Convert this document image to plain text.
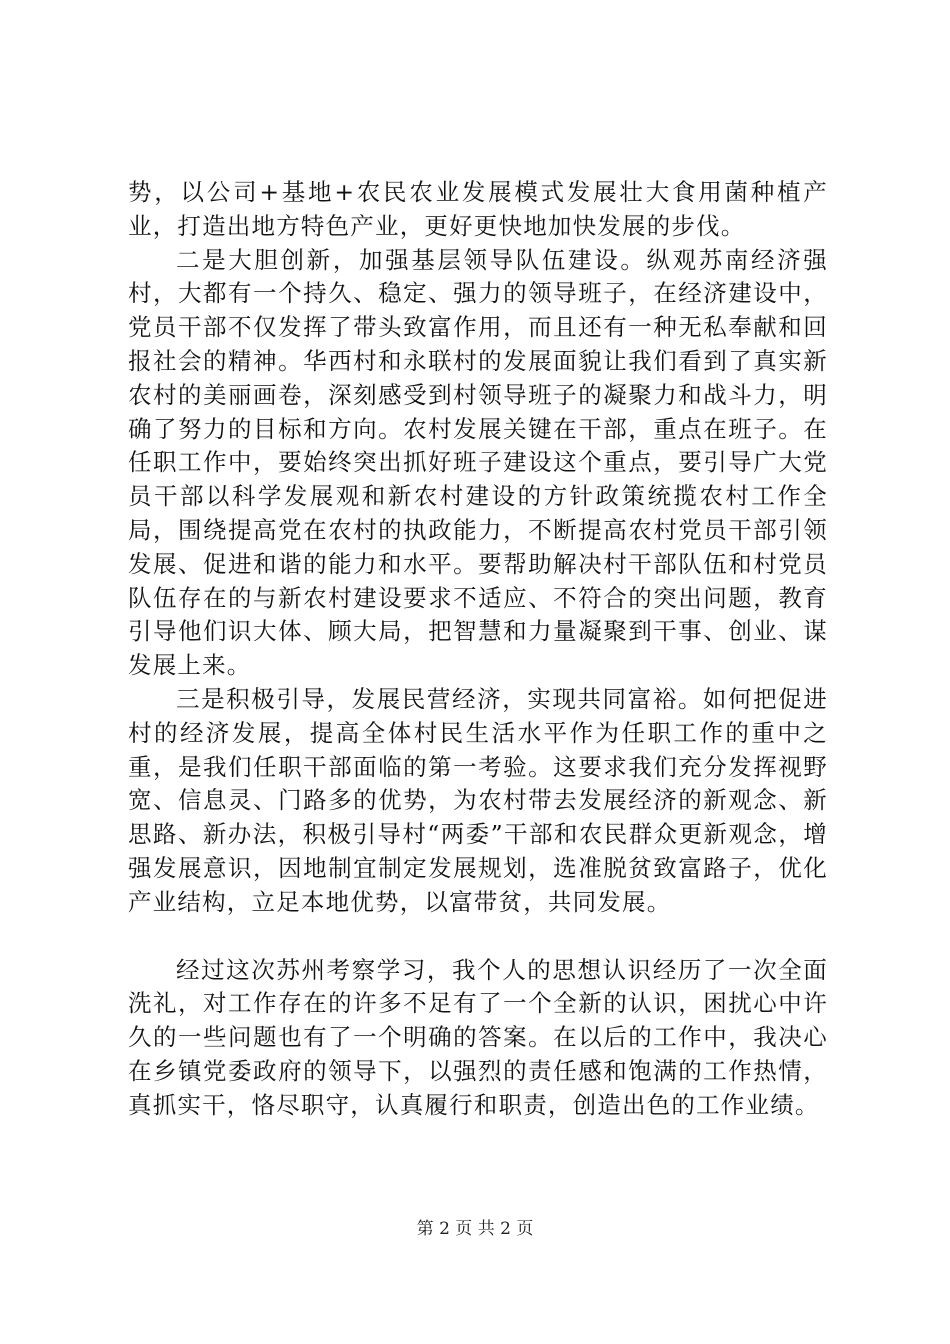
势，以公司+基地+农民农业发展模式发展壮大食用菌种植产业，打造出地方特色产业，更好更快地加快发展的步伐。

二是大胆创新，加强基层领导队伍建设。纵观苏南经济强村，大都有一个持久、稳定、强力的领导班子，在经济建设中，党员干部不仅发挥了带头致富作用，而且还有一种无私奉献和回报社会的精神。华西村和永联村的发展面貌让我们看到了真实新农村的美丽画卷，深刻感受到村领导班子的凝聚力和战斗力，明确了努力的目标和方向。农村发展关键在干部，重点在班子。在任职工作中，要始终突出抓好班子建设这个重点，要引导广大党员干部以科学发展观和新农村建设的方针政策统揽农村工作全局，围绕提高党在农村的执政能力，不断提高农村党员干部引领发展、促进和谐的能力和水平。要帮助解决村干部队伍和村党员队伍存在的与新农村建设要求不适应、不符合的突出问题，教育引导他们识大体、顾大局，把智慧和力量凝聚到干事、创业、谋发展上来。

三是积极引导，发展民营经济，实现共同富裕。如何把促进村的经济发展，提高全体村民生活水平作为任职工作的重中之重，是我们任职干部面临的第一考验。这要求我们充分发挥视野宽、信息灵、门路多的优势，为农村带去发展经济的新观念、新思路、新办法，积极引导村“两委”干部和农民群众更新观念，增强发展意识，因地制宜制定发展规划，选准脱贫致富路子，优化产业结构，立足本地优势，以富带贫，共同发展。

经过这次苏州考察学习，我个人的思想认识经历了一次全面洗礼，对工作存在的许多不足有了一个全新的认识，困扰心中许久的一些问题也有了一个明确的答案。在以后的工作中，我决心在乡镇党委政府的领导下，以强烈的责任感和饱满的工作热情，真抓实干，恪尽职守，认真履行和职责，创造出色的工作业绩。

第 2 页 共 2 页
